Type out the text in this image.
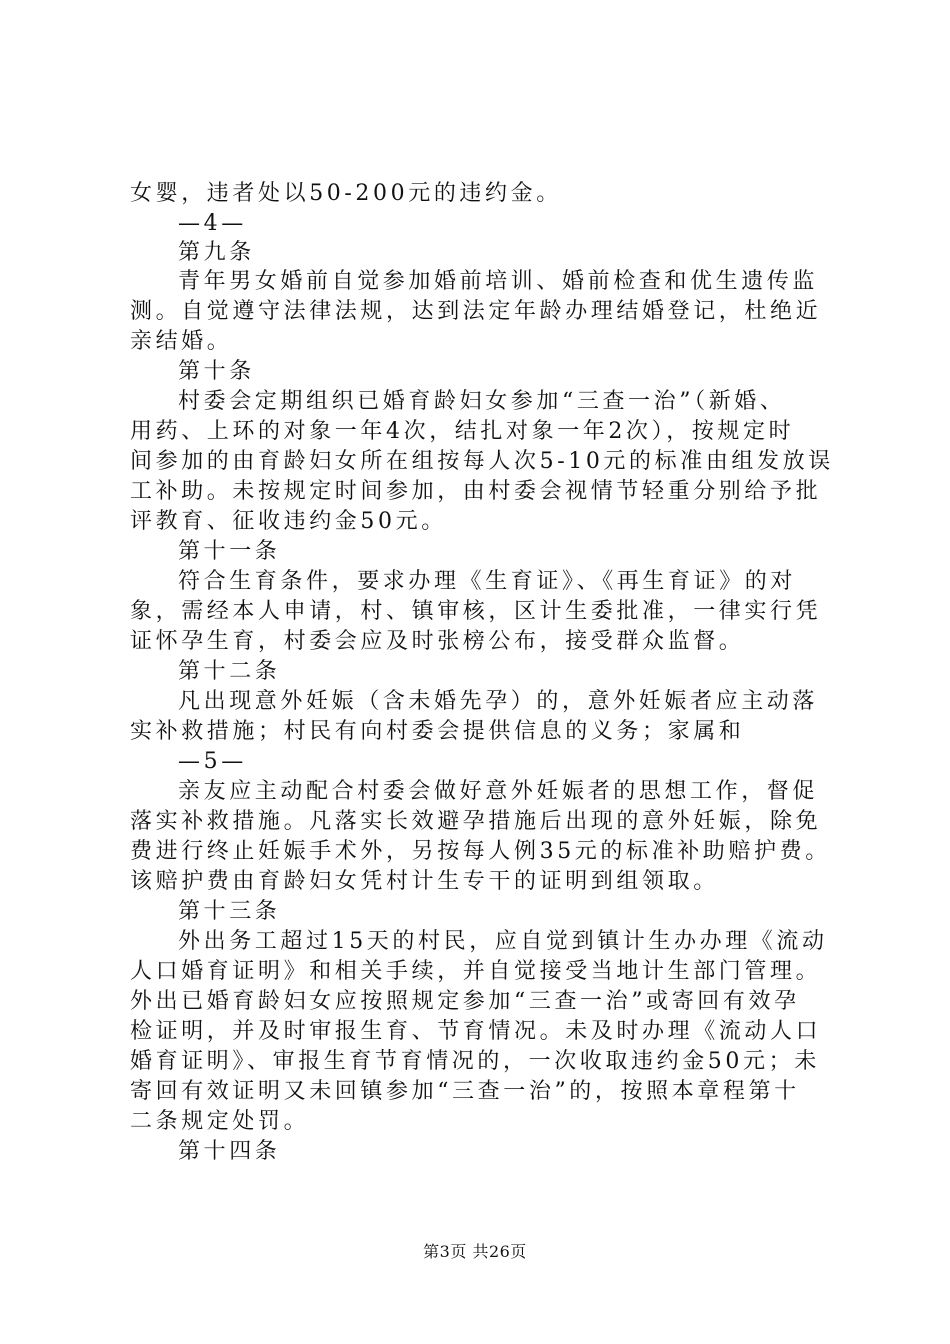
女婴，违者处以50-200元的违约金。
—4—
第九条
青年男女婚前自觉参加婚前培训、婚前检查和优生遗传监
测。自觉遵守法律法规，达到法定年龄办理结婚登记，杜绝近
亲结婚。
第十条
村委会定期组织已婚育龄妇女参加“三查一治”（新婚、
用药、上环的对象一年4次，结扎对象一年2次），按规定时
间参加的由育龄妇女所在组按每人次5-10元的标准由组发放误
工补助。未按规定时间参加，由村委会视情节轻重分别给予批
评教育、征收违约金50元。
第十一条
符合生育条件，要求办理《生育证》、《再生育证》的对
象，需经本人申请，村、镇审核，区计生委批准，一律实行凭
证怀孕生育，村委会应及时张榜公布，接受群众监督。
第十二条
凡出现意外妊娠（含未婚先孕）的，意外妊娠者应主动落
实补救措施；村民有向村委会提供信息的义务；家属和
—5—
亲友应主动配合村委会做好意外妊娠者的思想工作，督促
落实补救措施。凡落实长效避孕措施后出现的意外妊娠，除免
费进行终止妊娠手术外，另按每人例35元的标准补助赔护费。
该赔护费由育龄妇女凭村计生专干的证明到组领取。
第十三条
外出务工超过15天的村民，应自觉到镇计生办办理《流动
人口婚育证明》和相关手续，并自觉接受当地计生部门管理。
外出已婚育龄妇女应按照规定参加“三查一治”或寄回有效孕
检证明，并及时审报生育、节育情况。未及时办理《流动人口
婚育证明》、审报生育节育情况的，一次收取违约金50元；未
寄回有效证明又未回镇参加“三查一治”的，按照本章程第十
二条规定处罚。
第十四条
第3页 共26页
